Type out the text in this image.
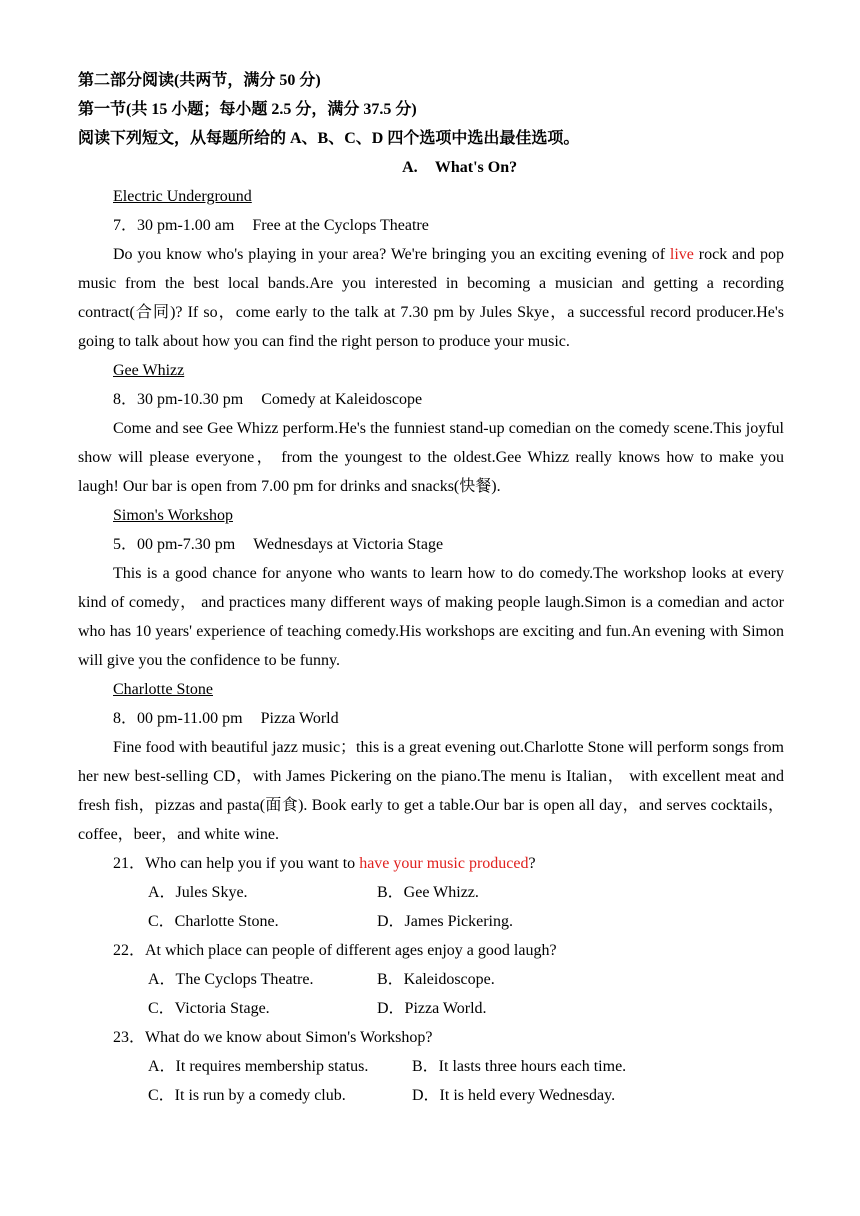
第二部分阅读(共两节，满分 50 分)
第一节(共 15 小题；每小题 2.5 分，满分 37.5 分)
阅读下列短文，从每题所给的 A、B、C、D 四个选项中选出最佳选项。
A. What's On?
Electric Underground
7．30 pm-1.00 am Free at the Cyclops Theatre

Do you know who's playing in your area? We're bringing you an exciting evening of live rock and pop music from the best local bands.Are you interested in becoming a musician and getting a recording contract(合同)? If so，come early to the talk at 7.30 pm by Jules Skye，a successful record producer.He's going to talk about how you can find the right person to produce your music.

Gee Whizz
8．30 pm-10.30 pm Comedy at Kaleidoscope

Come and see Gee Whizz perform.He's the funniest stand-up comedian on the comedy scene.This joyful show will please everyone， from the youngest to the oldest.Gee Whizz really knows how to make you laugh! Our bar is open from 7.00 pm for drinks and snacks(快餐).

Simon's Workshop
5．00 pm-7.30 pm Wednesdays at Victoria Stage

This is a good chance for anyone who wants to learn how to do comedy.The workshop looks at every kind of comedy， and practices many different ways of making people laugh.Simon is a comedian and actor who has 10 years' experience of teaching comedy.His workshops are exciting and fun.An evening with Simon will give you the confidence to be funny.

Charlotte Stone
8．00 pm-11.00 pm Pizza World

Fine food with beautiful jazz music；this is a great evening out.Charlotte Stone will perform songs from her new best-selling CD，with James Pickering on the piano.The menu is Italian， with excellent meat and fresh fish，pizzas and pasta(面食). Book early to get a table.Our bar is open all day，and serves cocktails，coffee，beer，and white wine.

21．Who can help you if you want to have your music produced?
A．Jules Skye.	B．Gee Whizz.
C．Charlotte Stone.	D．James Pickering.
22．At which place can people of different ages enjoy a good laugh?
A．The Cyclops Theatre.	B．Kaleidoscope.
C．Victoria Stage.	D．Pizza World.
23．What do we know about Simon's Workshop?
A．It requires membership status.	B．It lasts three hours each time.
C．It is run by a comedy club.	D．It is held every Wednesday.
